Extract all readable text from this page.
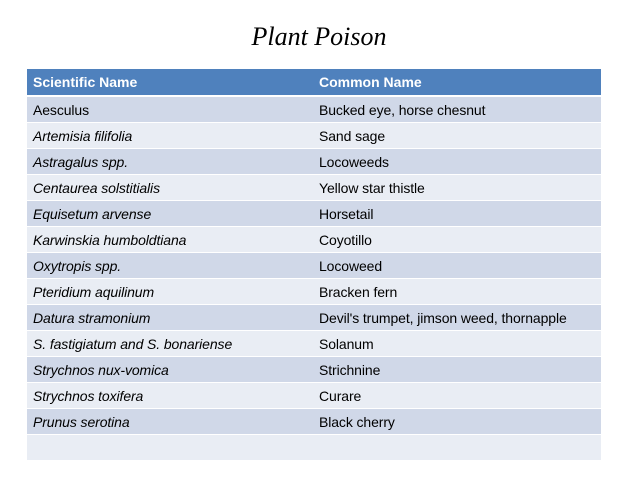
Plant Poison
Scientific Name	Common Name
Aesculus	Bucked eye, horse chesnut
Artemisia filifolia	Sand sage
Astragalus spp.	Locoweeds
Centaurea solstitialis	Yellow star thistle
Equisetum arvense	Horsetail
Karwinskia humboldtiana	Coyotillo
Oxytropis spp.	Locoweed
Pteridium aquilinum	Bracken fern
Datura stramonium	Devil's trumpet, jimson weed, thornapple
S. fastigiatum and S. bonariense	Solanum
Strychnos nux-vomica	Strichnine
Strychnos toxifera	Curare
Prunus serotina	Black cherry
